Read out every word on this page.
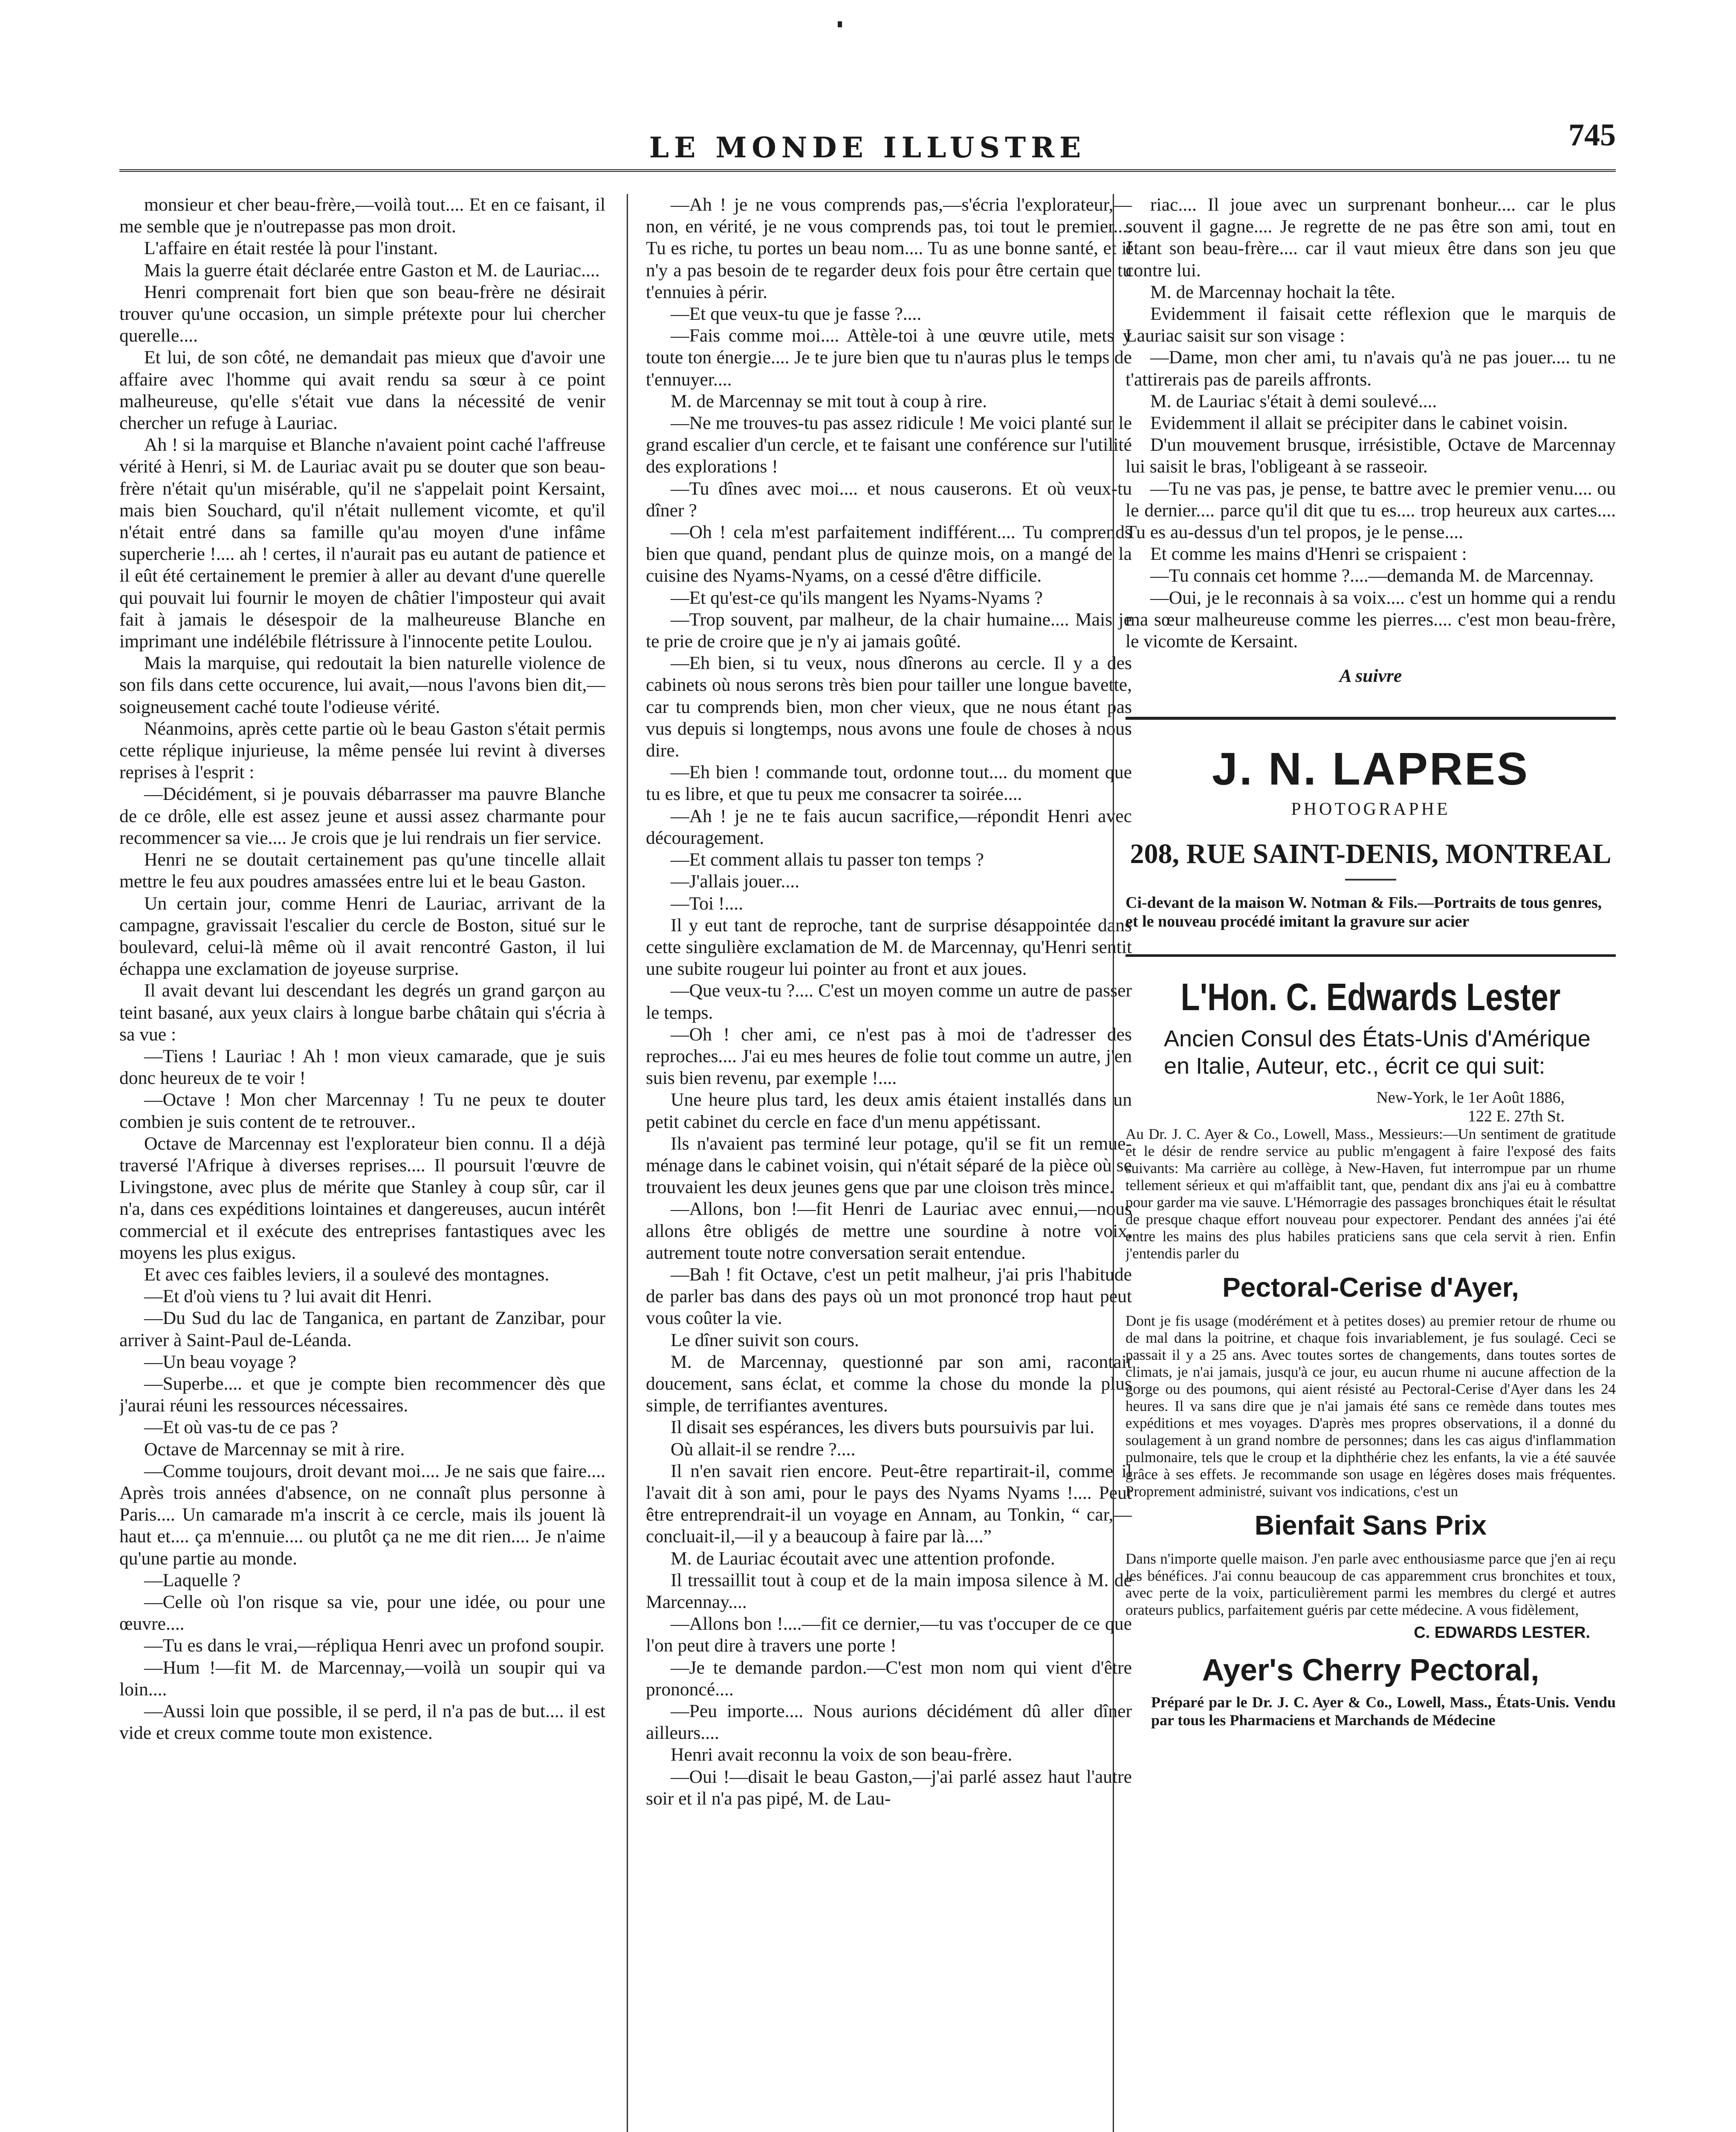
LE MONDE ILLUSTRE	745

monsieur et cher beau-frère,—voilà tout.... Et en ce faisant, il me semble que je n'outrepasse pas mon droit.

L'affaire en était restée là pour l'instant.

Mais la guerre était déclarée entre Gaston et M. de Lauriac....

Henri comprenait fort bien que son beau-frère ne désirait trouver qu'une occasion, un simple prétexte pour lui chercher querelle....

Et lui, de son côté, ne demandait pas mieux que d'avoir une affaire avec l'homme qui avait rendu sa sœur à ce point malheureuse, qu'elle s'était vue dans la nécessité de venir chercher un refuge à Lauriac.

Ah ! si la marquise et Blanche n'avaient point caché l'affreuse vérité à Henri, si M. de Lauriac avait pu se douter que son beau-frère n'était qu'un misérable, qu'il ne s'appelait point Kersaint, mais bien Souchard, qu'il n'était nullement vicomte, et qu'il n'était entré dans sa famille qu'au moyen d'une infâme supercherie !.... ah ! certes, il n'aurait pas eu autant de patience et il eût été certainement le premier à aller au devant d'une querelle qui pouvait lui fournir le moyen de châtier l'imposteur qui avait fait à jamais le désespoir de la malheureuse Blanche en imprimant une indélébile flétrissure à l'innocente petite Loulou.

Mais la marquise, qui redoutait la bien naturelle violence de son fils dans cette occurence, lui avait,—nous l'avons bien dit,—soigneusement caché toute l'odieuse vérité.

Néanmoins, après cette partie où le beau Gaston s'était permis cette réplique injurieuse, la même pensée lui revint à diverses reprises à l'esprit :

—Décidément, si je pouvais débarrasser ma pauvre Blanche de ce drôle, elle est assez jeune et aussi assez charmante pour recommencer sa vie.... Je crois que je lui rendrais un fier service.

Henri ne se doutait certainement pas qu'une tincelle allait mettre le feu aux poudres amassées entre lui et le beau Gaston.

Un certain jour, comme Henri de Lauriac, arrivant de la campagne, gravissait l'escalier du cercle de Boston, situé sur le boulevard, celui-là même où il avait rencontré Gaston, il lui échappa une exclamation de joyeuse surprise.

Il avait devant lui descendant les degrés un grand garçon au teint basané, aux yeux clairs à longue barbe châtain qui s'écria à sa vue :

—Tiens ! Lauriac ! Ah ! mon vieux camarade, que je suis donc heureux de te voir !

—Octave ! Mon cher Marcennay ! Tu ne peux te douter combien je suis content de te retrouver..

Octave de Marcennay est l'explorateur bien connu. Il a déjà traversé l'Afrique à diverses reprises.... Il poursuit l'œuvre de Livingstone, avec plus de mérite que Stanley à coup sûr, car il n'a, dans ces expéditions lointaines et dangereuses, aucun intérêt commercial et il exécute des entreprises fantastiques avec les moyens les plus exigus.

Et avec ces faibles leviers, il a soulevé des montagnes.

—Et d'où viens tu ? lui avait dit Henri.

—Du Sud du lac de Tanganica, en partant de Zanzibar, pour arriver à Saint-Paul de-Léanda.

—Un beau voyage ?

—Superbe.... et que je compte bien recommencer dès que j'aurai réuni les ressources nécessaires.

—Et où vas-tu de ce pas ?

Octave de Marcennay se mit à rire.

—Comme toujours, droit devant moi.... Je ne sais que faire.... Après trois années d'absence, on ne connaît plus personne à Paris.... Un camarade m'a inscrit à ce cercle, mais ils jouent là haut et.... ça m'ennuie.... ou plutôt ça ne me dit rien.... Je n'aime qu'une partie au monde.

—Laquelle ?

—Celle où l'on risque sa vie, pour une idée, ou pour une œuvre....

—Tu es dans le vrai,—répliqua Henri avec un profond soupir.

—Hum !—fit M. de Marcennay,—voilà un soupir qui va loin....

—Aussi loin que possible, il se perd, il n'a pas de but.... il est vide et creux comme toute mon existence.

—Ah ! je ne vous comprends pas,—s'écria l'explorateur,—non, en vérité, je ne vous comprends pas, toi tout le premier.... Tu es riche, tu portes un beau nom.... Tu as une bonne santé, et il n'y a pas besoin de te regarder deux fois pour être certain que tu t'ennuies à périr.

—Et que veux-tu que je fasse ?....

—Fais comme moi.... Attèle-toi à une œuvre utile, mets y toute ton énergie.... Je te jure bien que tu n'auras plus le temps de t'ennuyer....

M. de Marcennay se mit tout à coup à rire.

—Ne me trouves-tu pas assez ridicule ! Me voici planté sur le grand escalier d'un cercle, et te faisant une conférence sur l'utilité des explorations !

—Tu dînes avec moi.... et nous causerons. Et où veux-tu dîner ?

—Oh ! cela m'est parfaitement indifférent.... Tu comprends bien que quand, pendant plus de quinze mois, on a mangé de la cuisine des Nyams-Nyams, on a cessé d'être difficile.

—Et qu'est-ce qu'ils mangent les Nyams-Nyams ?

—Trop souvent, par malheur, de la chair humaine.... Mais je te prie de croire que je n'y ai jamais goûté.

—Eh bien, si tu veux, nous dînerons au cercle. Il y a des cabinets où nous serons très bien pour tailler une longue bavette, car tu comprends bien, mon cher vieux, que ne nous étant pas vus depuis si longtemps, nous avons une foule de choses à nous dire.

—Eh bien ! commande tout, ordonne tout.... du moment que tu es libre, et que tu peux me consacrer ta soirée....

—Ah ! je ne te fais aucun sacrifice,—répondit Henri avec découragement.

—Et comment allais tu passer ton temps ?

—J'allais jouer....

—Toi !....

Il y eut tant de reproche, tant de surprise désappointée dans cette singulière exclamation de M. de Marcennay, qu'Henri sentit une subite rougeur lui pointer au front et aux joues.

—Que veux-tu ?.... C'est un moyen comme un autre de passer le temps.

—Oh ! cher ami, ce n'est pas à moi de t'adresser des reproches.... J'ai eu mes heures de folie tout comme un autre, j'en suis bien revenu, par exemple !....

Une heure plus tard, les deux amis étaient installés dans un petit cabinet du cercle en face d'un menu appétissant.

Ils n'avaient pas terminé leur potage, qu'il se fit un remue-ménage dans le cabinet voisin, qui n'était séparé de la pièce où se trouvaient les deux jeunes gens que par une cloison très mince.

—Allons, bon !—fit Henri de Lauriac avec ennui,—nous allons être obligés de mettre une sourdine à notre voix, autrement toute notre conversation serait entendue.

—Bah ! fit Octave, c'est un petit malheur, j'ai pris l'habitude de parler bas dans des pays où un mot prononcé trop haut peut vous coûter la vie.

Le dîner suivit son cours.

M. de Marcennay, questionné par son ami, racontait doucement, sans éclat, et comme la chose du monde la plus simple, de terrifiantes aventures.

Il disait ses espérances, les divers buts poursuivis par lui.

Où allait-il se rendre ?....

Il n'en savait rien encore. Peut-être repartirait-il, comme il l'avait dit à son ami, pour le pays des Nyams Nyams !.... Peut être entreprendrait-il un voyage en Annam, au Tonkin, “ car,—concluait-il,—il y a beaucoup à faire par là....”

M. de Lauriac écoutait avec une attention profonde.

Il tressaillit tout à coup et de la main imposa silence à M. de Marcennay....

—Allons bon !....—fit ce dernier,—tu vas t'occuper de ce que l'on peut dire à travers une porte !

—Je te demande pardon.—C'est mon nom qui vient d'être prononcé....

—Peu importe.... Nous aurions décidément dû aller dîner ailleurs....

Henri avait reconnu la voix de son beau-frère.

—Oui !—disait le beau Gaston,—j'ai parlé assez haut l'autre soir et il n'a pas pipé, M. de Lau-

riac.... Il joue avec un surprenant bonheur.... car le plus souvent il gagne.... Je regrette de ne pas être son ami, tout en étant son beau-frère.... car il vaut mieux être dans son jeu que contre lui.

M. de Marcennay hochait la tête.

Evidemment il faisait cette réflexion que le marquis de Lauriac saisit sur son visage :

—Dame, mon cher ami, tu n'avais qu'à ne pas jouer.... tu ne t'attirerais pas de pareils affronts.

M. de Lauriac s'était à demi soulevé....

Evidemment il allait se précipiter dans le cabinet voisin.

D'un mouvement brusque, irrésistible, Octave de Marcennay lui saisit le bras, l'obligeant à se rasseoir.

—Tu ne vas pas, je pense, te battre avec le premier venu.... ou le dernier.... parce qu'il dit que tu es.... trop heureux aux cartes.... Tu es au-dessus d'un tel propos, je le pense....

Et comme les mains d'Henri se crispaient :

—Tu connais cet homme ?....—demanda M. de Marcennay.

—Oui, je le reconnais à sa voix.... c'est un homme qui a rendu ma sœur malheureuse comme les pierres.... c'est mon beau-frère, le vicomte de Kersaint.

A suivre

J. N. LAPRES
PHOTOGRAPHE
208, RUE SAINT-DENIS, MONTREAL
Ci-devant de la maison W. Notman & Fils.—Portraits de tous genres, et le nouveau procédé imitant la gravure sur acier
L'Hon. C. Edwards Lester
Ancien Consul des États-Unis d'Amérique en Italie, Auteur, etc., écrit ce qui suit:
New-York, le 1er Août 1886,
122 E. 27th St.
Au Dr. J. C. Ayer & Co., Lowell, Mass., Messieurs:—Un sentiment de gratitude et le désir de rendre service au public m'engagent à faire l'exposé des faits suivants: Ma carrière au collège, à New-Haven, fut interrompue par un rhume tellement sérieux et qui m'affaiblit tant, que, pendant dix ans j'ai eu à combattre pour garder ma vie sauve. L'Hémorragie des passages bronchiques était le résultat de presque chaque effort nouveau pour expectorer. Pendant des années j'ai été entre les mains des plus habiles praticiens sans que cela servit à rien. Enfin j'entendis parler du
Pectoral-Cerise d'Ayer,
Dont je fis usage (modérément et à petites doses) au premier retour de rhume ou de mal dans la poitrine, et chaque fois invariablement, je fus soulagé. Ceci se passait il y a 25 ans. Avec toutes sortes de changements, dans toutes sortes de climats, je n'ai jamais, jusqu'à ce jour, eu aucun rhume ni aucune affection de la gorge ou des poumons, qui aient résisté au Pectoral-Cerise d'Ayer dans les 24 heures. Il va sans dire que je n'ai jamais été sans ce remède dans toutes mes expéditions et mes voyages. D'après mes propres observations, il a donné du soulagement à un grand nombre de personnes; dans les cas aigus d'inflammation pulmonaire, tels que le croup et la diphthérie chez les enfants, la vie a été sauvée grâce à ses effets. Je recommande son usage en légères doses mais fréquentes. Proprement administré, suivant vos indications, c'est un
Bienfait Sans Prix
Dans n'importe quelle maison. J'en parle avec enthousiasme parce que j'en ai reçu les bénéfices. J'ai connu beaucoup de cas apparemment crus bronchites et toux, avec perte de la voix, particulièrement parmi les membres du clergé et autres orateurs publics, parfaitement guéris par cette médecine. A vous fidèlement,
C. EDWARDS LESTER.
Ayer's Cherry Pectoral,
Préparé par le Dr. J. C. Ayer & Co., Lowell, Mass., États-Unis. Vendu par tous les Pharmaciens et Marchands de Médecine
